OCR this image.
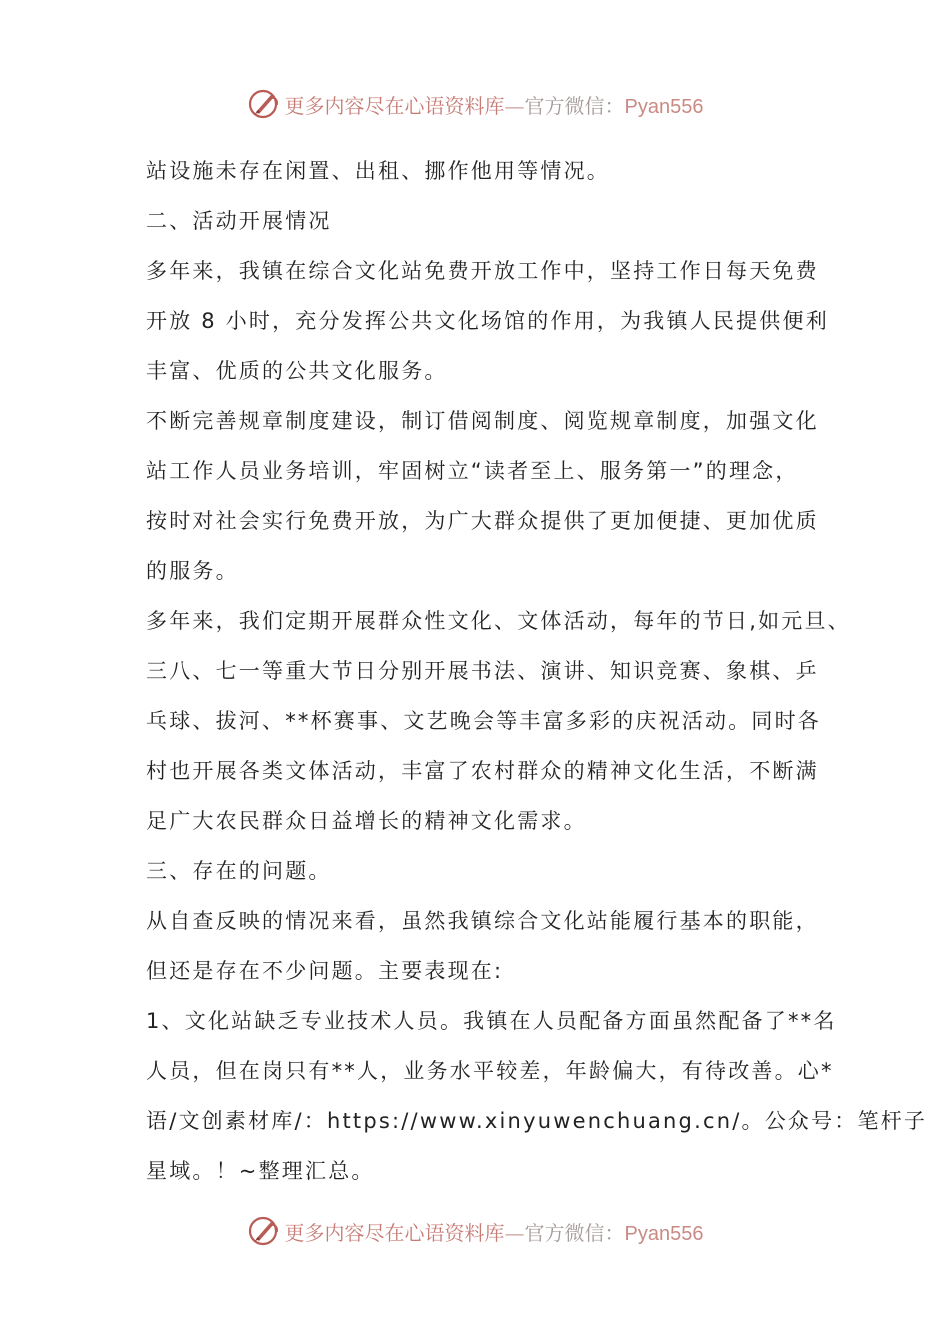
更多内容尽在心语资料库—官方微信：Pyan556
站设施未存在闲置、出租、挪作他用等情况。
二、活动开展情况
多年来，我镇在综合文化站免费开放工作中，坚持工作日每天免费
开放 8 小时，充分发挥公共文化场馆的作用，为我镇人民提供便利
丰富、优质的公共文化服务。
不断完善规章制度建设，制订借阅制度、阅览规章制度，加强文化
站工作人员业务培训，牢固树立“读者至上、服务第一”的理念，
按时对社会实行免费开放，为广大群众提供了更加便捷、更加优质
的服务。
多年来，我们定期开展群众性文化、文体活动，每年的节日,如元旦、
三八、七一等重大节日分别开展书法、演讲、知识竞赛、象棋、乒
乓球、拔河、**杯赛事、文艺晚会等丰富多彩的庆祝活动。同时各
村也开展各类文体活动，丰富了农村群众的精神文化生活，不断满
足广大农民群众日益增长的精神文化需求。
三、存在的问题。
从自查反映的情况来看，虽然我镇综合文化站能履行基本的职能，
但还是存在不少问题。主要表现在:
1、文化站缺乏专业技术人员。我镇在人员配备方面虽然配备了**名
人员，但在岗只有**人，业务水平较差，年龄偏大，有待改善。心*
语/文创素材库/：https://www.xinyuwenchuang.cn/。公众号：笔杆子
星域。！~整理汇总。
更多内容尽在心语资料库—官方微信：Pyan556
